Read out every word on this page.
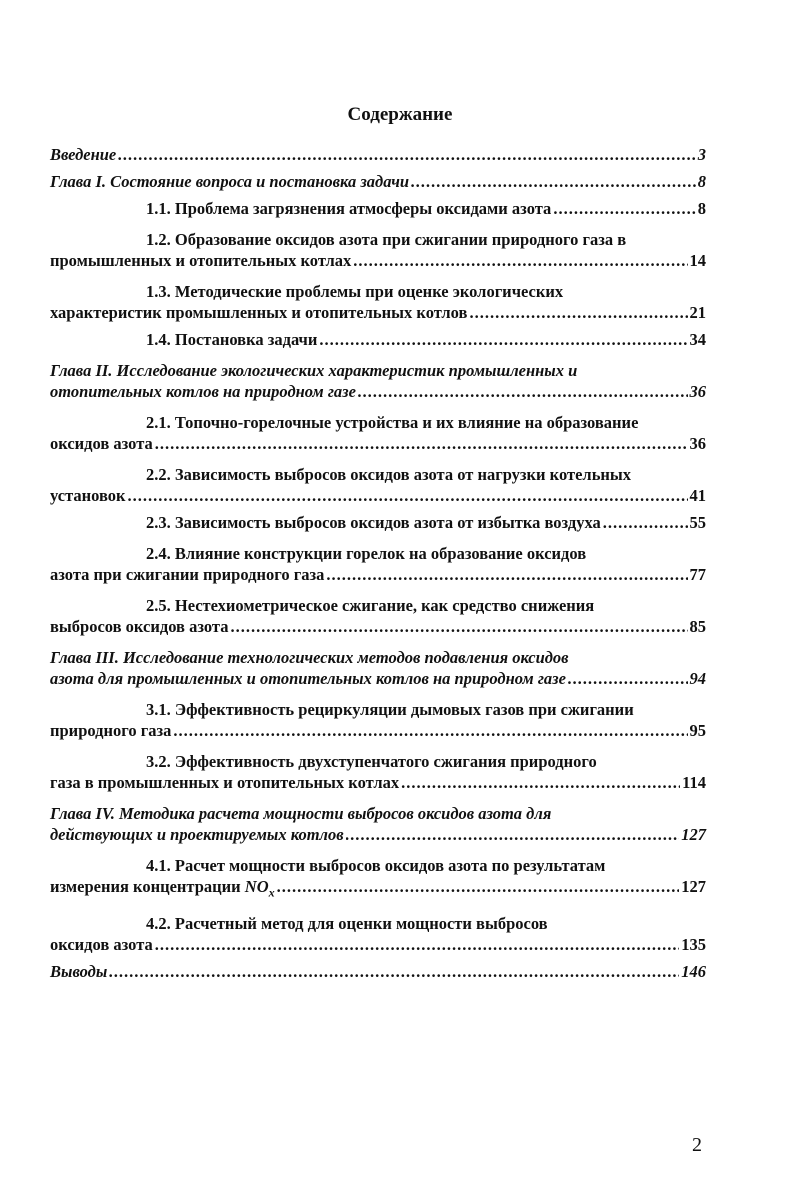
Содержание
Введение .....	3
Глава I. Состояние вопроса и постановка задачи .....	8
1.1. Проблема загрязнения атмосферы оксидами азота .....	8
1.2. Образование оксидов азота при сжигании природного газа в
промышленных и отопительных котлах .....	14
1.3. Методические проблемы при оценке экологических
характеристик промышленных и отопительных котлов .....	21
1.4. Постановка задачи .....	34
Глава II. Исследование экологических характеристик промышленных и
отопительных котлов на природном газе .....	36
2.1. Топочно-горелочные устройства и их влияние на образование
оксидов азота .....	36
2.2. Зависимость выбросов оксидов азота от нагрузки котельных
установок .....	41
2.3. Зависимость выбросов оксидов азота от избытка воздуха .....	55
2.4. Влияние конструкции горелок на образование оксидов
азота при сжигании природного газа .....	77
2.5. Нестехиометрическое сжигание, как средство снижения
выбросов оксидов азота .....	85
Глава III. Исследование технологических методов подавления оксидов
азота для промышленных и отопительных котлов на природном газе .....	94
3.1. Эффективность рециркуляции дымовых газов при сжигании
природного газа .....	95
3.2. Эффективность двухступенчатого сжигания природного
газа в промышленных и отопительных котлах .....	114
Глава IV. Методика расчета мощности выбросов оксидов азота для
действующих и проектируемых котлов .....	127
4.1. Расчет мощности выбросов оксидов азота по результатам
измерения концентрации $NO_x$ .....	127
4.2. Расчетный метод для оценки мощности выбросов
оксидов азота .....	135
Выводы .....	146
2
